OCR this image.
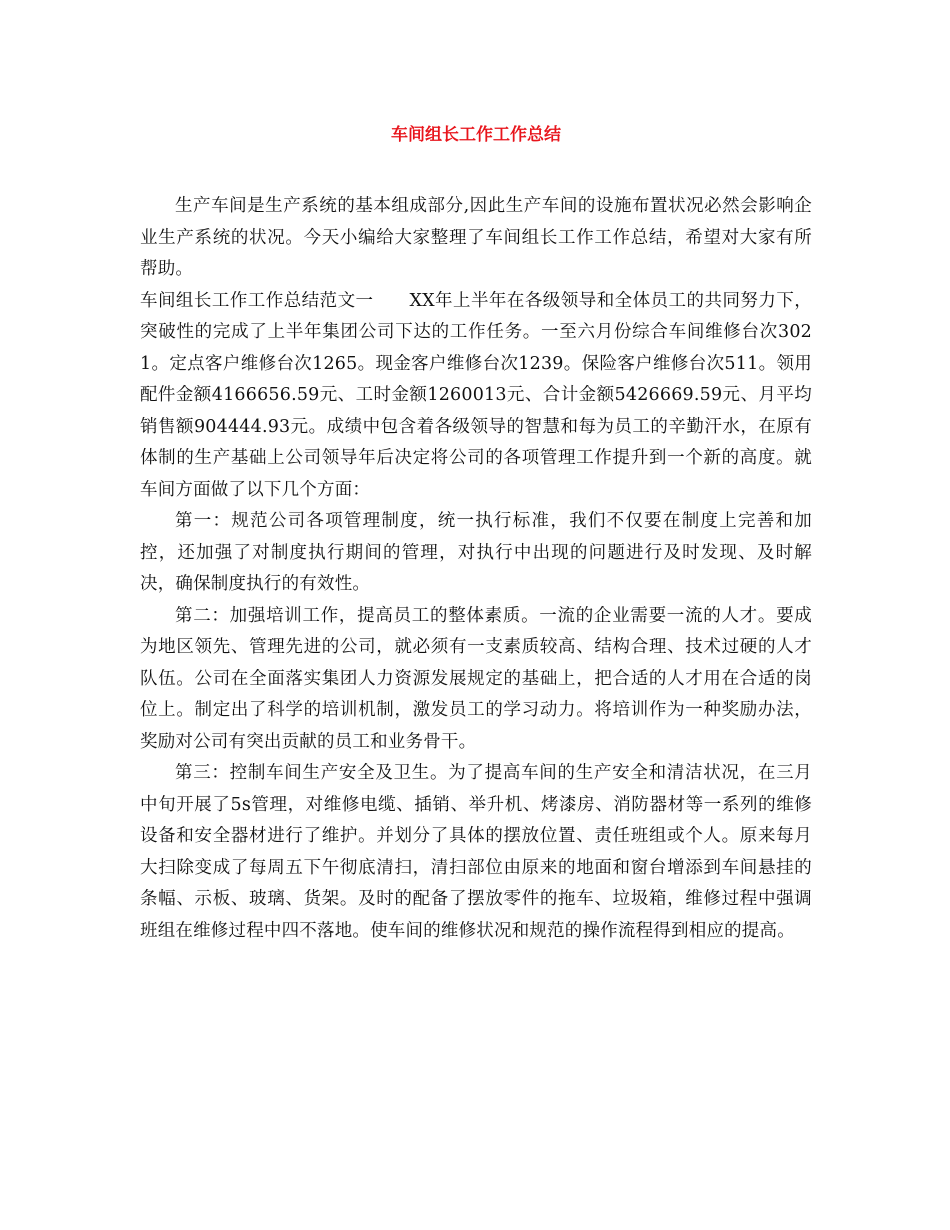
车间组长工作工作总结

生产车间是生产系统的基本组成部分,因此生产车间的设施布置状况必然会影响企业生产系统的状况。今天小编给大家整理了车间组长工作工作总结，希望对大家有所帮助。

车间组长工作工作总结范文一　　XX年上半年在各级领导和全体员工的共同努力下，突破性的完成了上半年集团公司下达的工作任务。一至六月份综合车间维修台次3021。定点客户维修台次1265。现金客户维修台次1239。保险客户维修台次511。领用配件金额4166656.59元、工时金额1260013元、合计金额5426669.59元、月平均销售额904444.93元。成绩中包含着各级领导的智慧和每为员工的辛勤汗水，在原有体制的生产基础上公司领导年后决定将公司的各项管理工作提升到一个新的高度。就车间方面做了以下几个方面：

第一：规范公司各项管理制度，统一执行标准，我们不仅要在制度上完善和加控，还加强了对制度执行期间的管理，对执行中出现的问题进行及时发现、及时解决，确保制度执行的有效性。

第二：加强培训工作，提高员工的整体素质。一流的企业需要一流的人才。要成为地区领先、管理先进的公司，就必须有一支素质较高、结构合理、技术过硬的人才队伍。公司在全面落实集团人力资源发展规定的基础上，把合适的人才用在合适的岗位上。制定出了科学的培训机制，激发员工的学习动力。将培训作为一种奖励办法，奖励对公司有突出贡献的员工和业务骨干。

第三：控制车间生产安全及卫生。为了提高车间的生产安全和清洁状况，在三月中旬开展了5s管理，对维修电缆、插销、举升机、烤漆房、消防器材等一系列的维修设备和安全器材进行了维护。并划分了具体的摆放位置、责任班组或个人。原来每月大扫除变成了每周五下午彻底清扫，清扫部位由原来的地面和窗台增添到车间悬挂的条幅、示板、玻璃、货架。及时的配备了摆放零件的拖车、垃圾箱，维修过程中强调班组在维修过程中四不落地。使车间的维修状况和规范的操作流程得到相应的提高。
